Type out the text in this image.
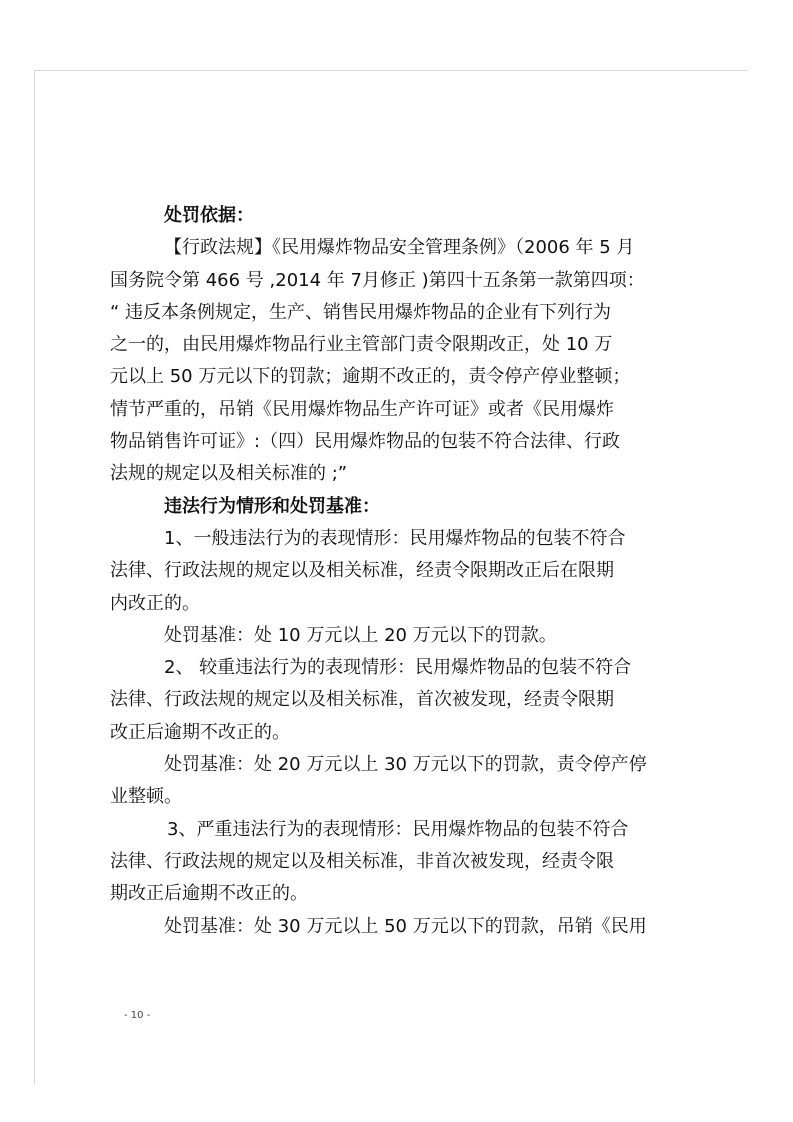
处罚依据：
【行政法规】《民用爆炸物品安全管理条例》（2006 年 5 月
国务院令第 466 号 ,2014 年 7月修正 )第四十五条第一款第四项：
“ 违反本条例规定，生产、销售民用爆炸物品的企业有下列行为
之一的，由民用爆炸物品行业主管部门责令限期改正，处 10 万
元以上 50 万元以下的罚款；逾期不改正的，责令停产停业整顿；
情节严重的，吊销《民用爆炸物品生产许可证》或者《民用爆炸
物品销售许可证》:（四）民用爆炸物品的包装不符合法律、行政
法规的规定以及相关标准的 ;”
违法行为情形和处罚基准：
1、一般违法行为的表现情形：民用爆炸物品的包装不符合
法律、行政法规的规定以及相关标准，经责令限期改正后在限期
内改正的。
处罚基准：处 10 万元以上 20 万元以下的罚款。
2、 较重违法行为的表现情形：民用爆炸物品的包装不符合
法律、行政法规的规定以及相关标准，首次被发现，经责令限期
改正后逾期不改正的。
处罚基准：处 20 万元以上 30 万元以下的罚款，责令停产停
业整顿。
3、严重违法行为的表现情形：民用爆炸物品的包装不符合
法律、行政法规的规定以及相关标准，非首次被发现，经责令限
期改正后逾期不改正的。
处罚基准：处 30 万元以上 50 万元以下的罚款，吊销《民用
- 10 -
